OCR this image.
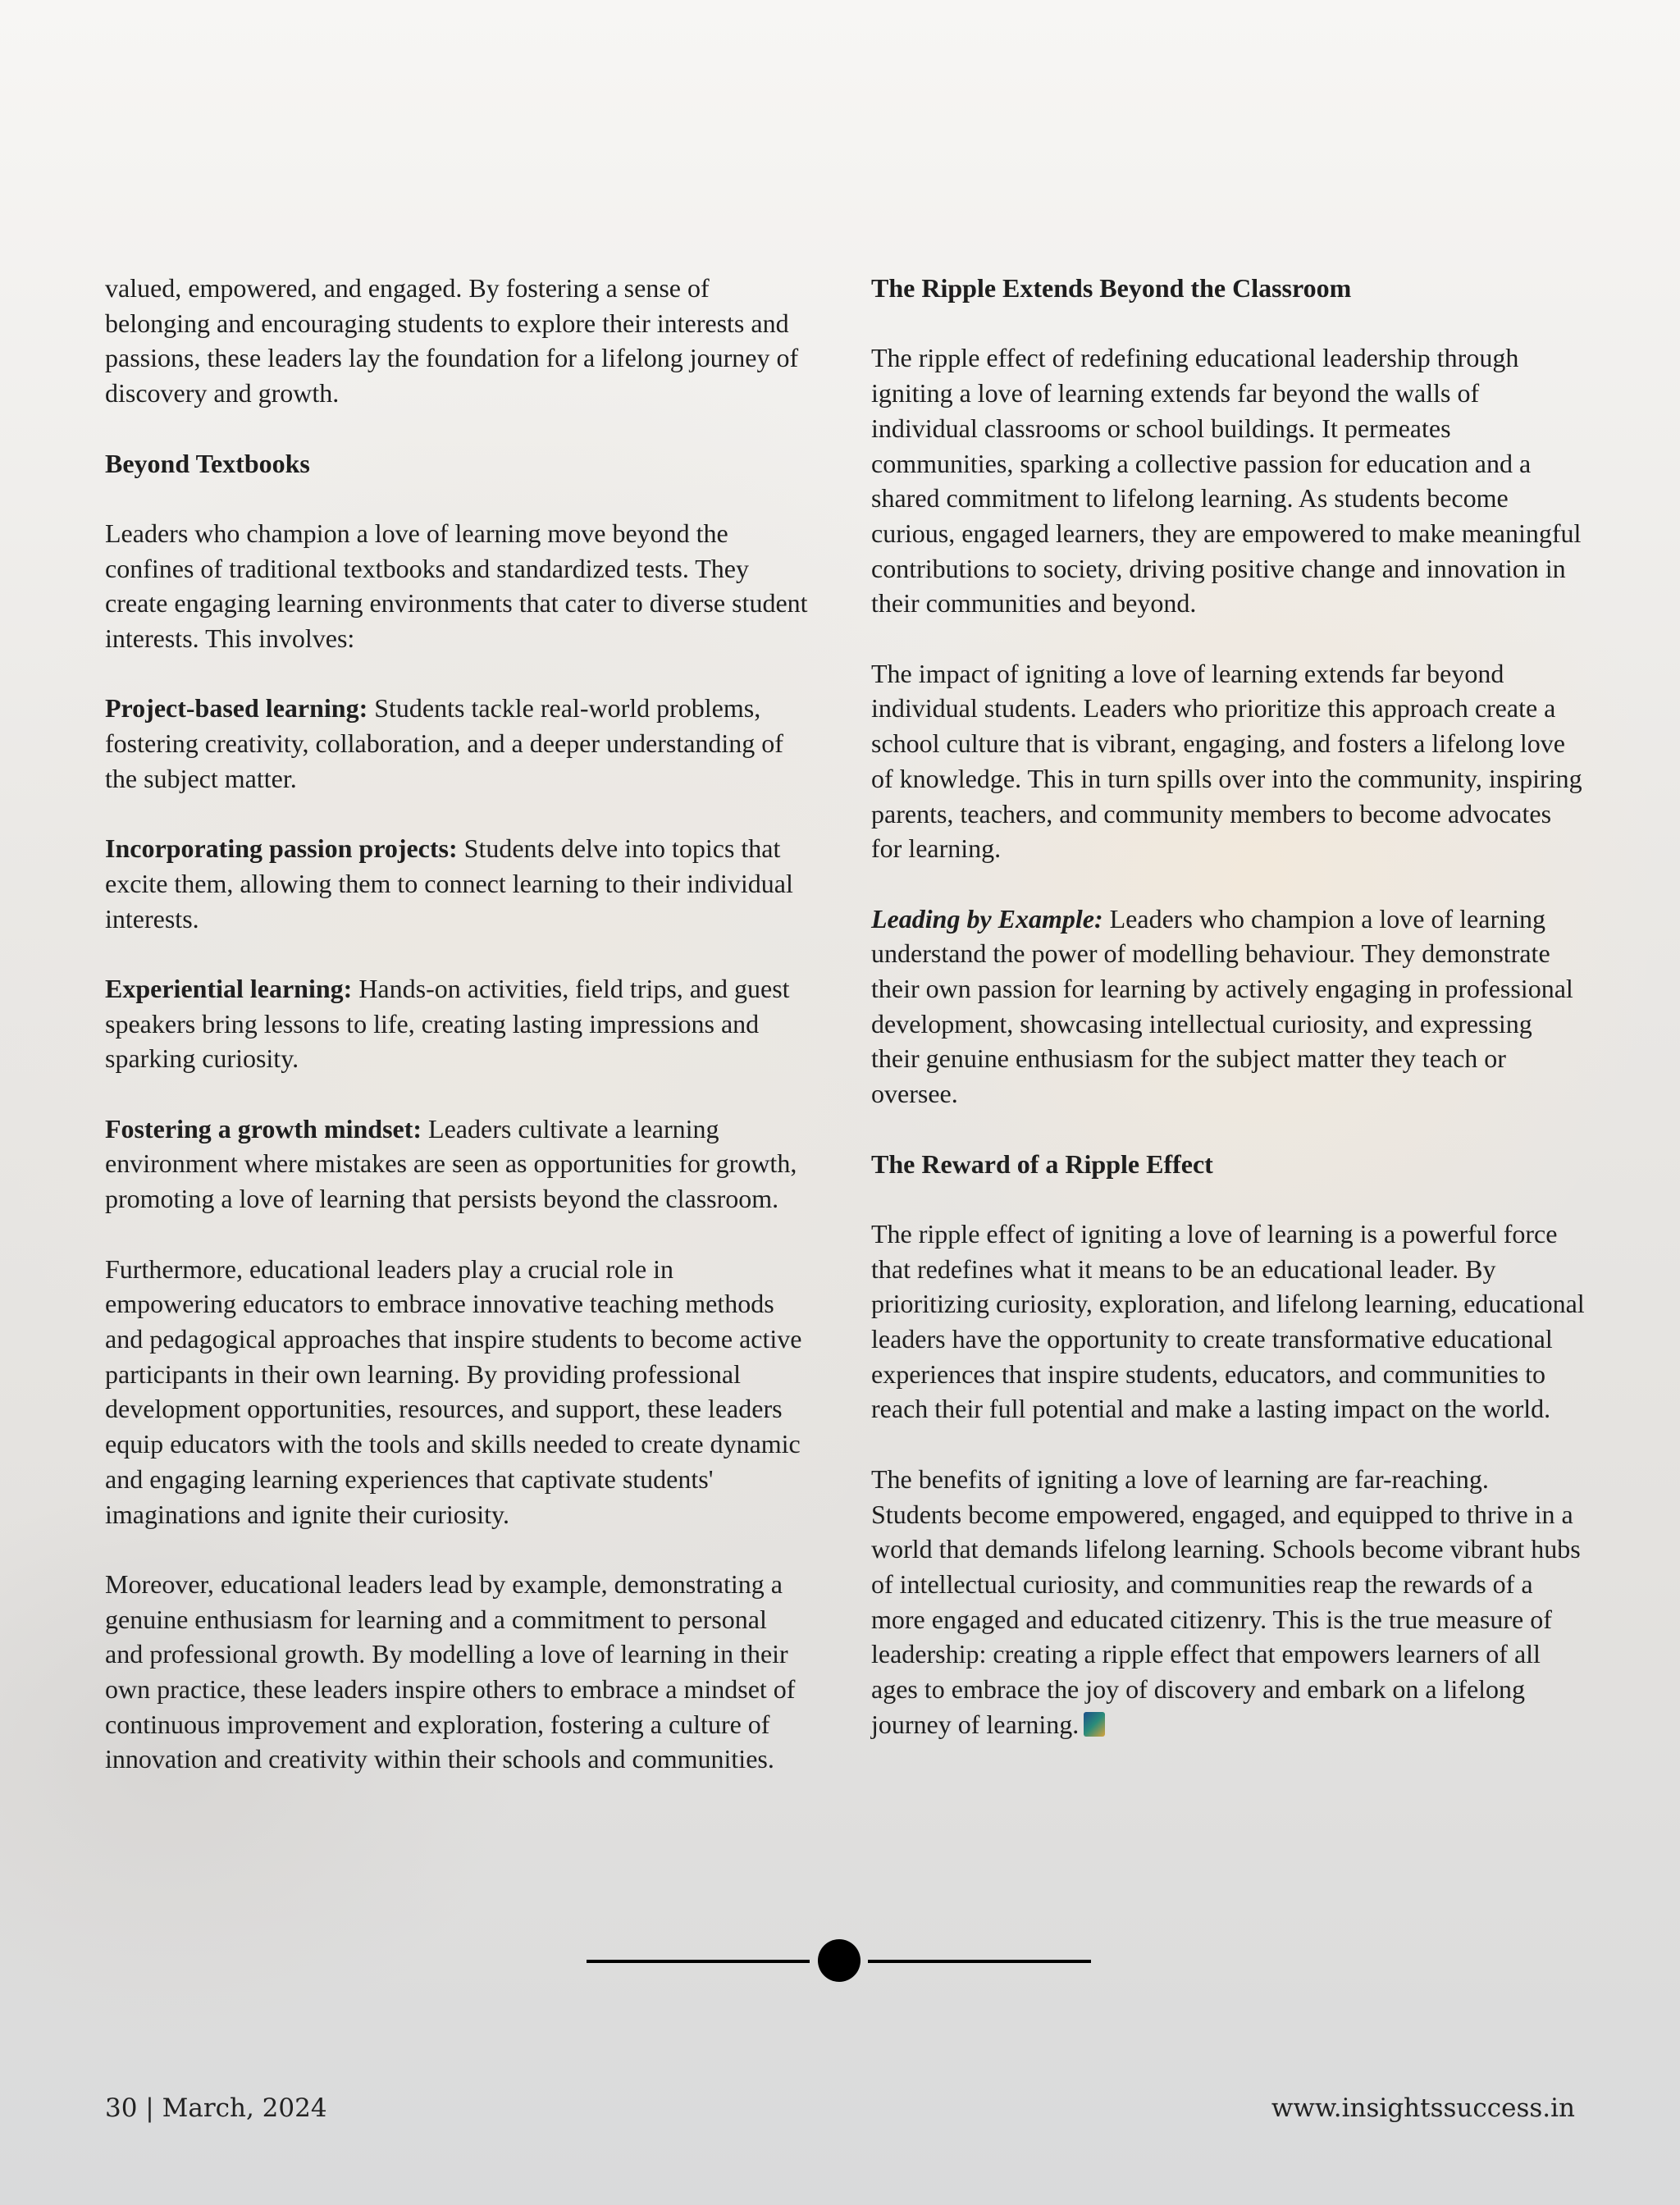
valued, empowered, and engaged. By fostering a sense of belonging and encouraging students to explore their interests and passions, these leaders lay the foundation for a lifelong journey of discovery and growth.

Beyond Textbooks

Leaders who champion a love of learning move beyond the confines of traditional textbooks and standardized tests. They create engaging learning environments that cater to diverse student interests. This involves:

Project-based learning: Students tackle real-world problems, fostering creativity, collaboration, and a deeper understanding of the subject matter.

Incorporating passion projects: Students delve into topics that excite them, allowing them to connect learning to their individual interests.

Experiential learning: Hands-on activities, field trips, and guest speakers bring lessons to life, creating lasting impressions and sparking curiosity.

Fostering a growth mindset: Leaders cultivate a learning environment where mistakes are seen as opportunities for growth, promoting a love of learning that persists beyond the classroom.

Furthermore, educational leaders play a crucial role in empowering educators to embrace innovative teaching methods and pedagogical approaches that inspire students to become active participants in their own learning. By providing professional development opportunities, resources, and support, these leaders equip educators with the tools and skills needed to create dynamic and engaging learning experiences that captivate students' imaginations and ignite their curiosity.

Moreover, educational leaders lead by example, demonstrating a genuine enthusiasm for learning and a commitment to personal and professional growth. By modelling a love of learning in their own practice, these leaders inspire others to embrace a mindset of continuous improvement and exploration, fostering a culture of innovation and creativity within their schools and communities.

The Ripple Extends Beyond the Classroom

The ripple effect of redefining educational leadership through igniting a love of learning extends far beyond the walls of individual classrooms or school buildings. It permeates communities, sparking a collective passion for education and a shared commitment to lifelong learning. As students become curious, engaged learners, they are empowered to make meaningful contributions to society, driving positive change and innovation in their communities and beyond.

The impact of igniting a love of learning extends far beyond individual students. Leaders who prioritize this approach create a school culture that is vibrant, engaging, and fosters a lifelong love of knowledge. This in turn spills over into the community, inspiring parents, teachers, and community members to become advocates for learning.

Leading by Example: Leaders who champion a love of learning understand the power of modelling behaviour. They demonstrate their own passion for learning by actively engaging in professional development, showcasing intellectual curiosity, and expressing their genuine enthusiasm for the subject matter they teach or oversee.

The Reward of a Ripple Effect

The ripple effect of igniting a love of learning is a powerful force that redefines what it means to be an educational leader. By prioritizing curiosity, exploration, and lifelong learning, educational leaders have the opportunity to create transformative educational experiences that inspire students, educators, and communities to reach their full potential and make a lasting impact on the world.

The benefits of igniting a love of learning are far-reaching. Students become empowered, engaged, and equipped to thrive in a world that demands lifelong learning. Schools become vibrant hubs of intellectual curiosity, and communities reap the rewards of a more engaged and educated citizenry. This is the true measure of leadership: creating a ripple effect that empowers learners of all ages to embrace the joy of discovery and embark on a lifelong journey of learning.

30 | March, 2024	www.insightssuccess.in
